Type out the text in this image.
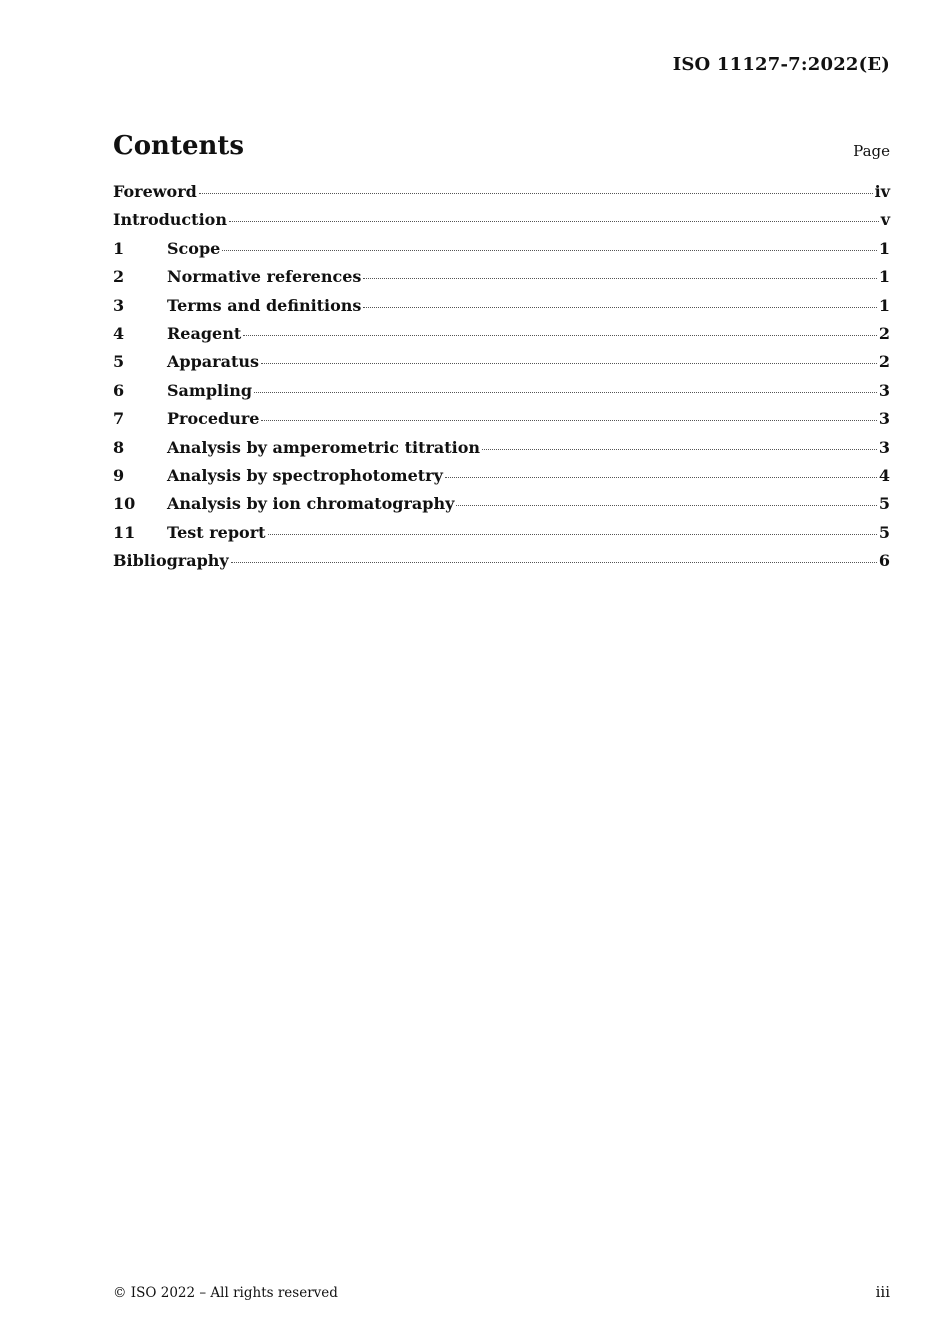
ISO 11127-7:2022(E)
Contents	Page
Foreword	iv
Introduction	v
1	Scope	1
2	Normative references	1
3	Terms and definitions	1
4	Reagent	2
5	Apparatus	2
6	Sampling	3
7	Procedure	3
8	Analysis by amperometric titration	3
9	Analysis by spectrophotometry	4
10	Analysis by ion chromatography	5
11	Test report	5
Bibliography	6
© ISO 2022 – All rights reserved	iii
